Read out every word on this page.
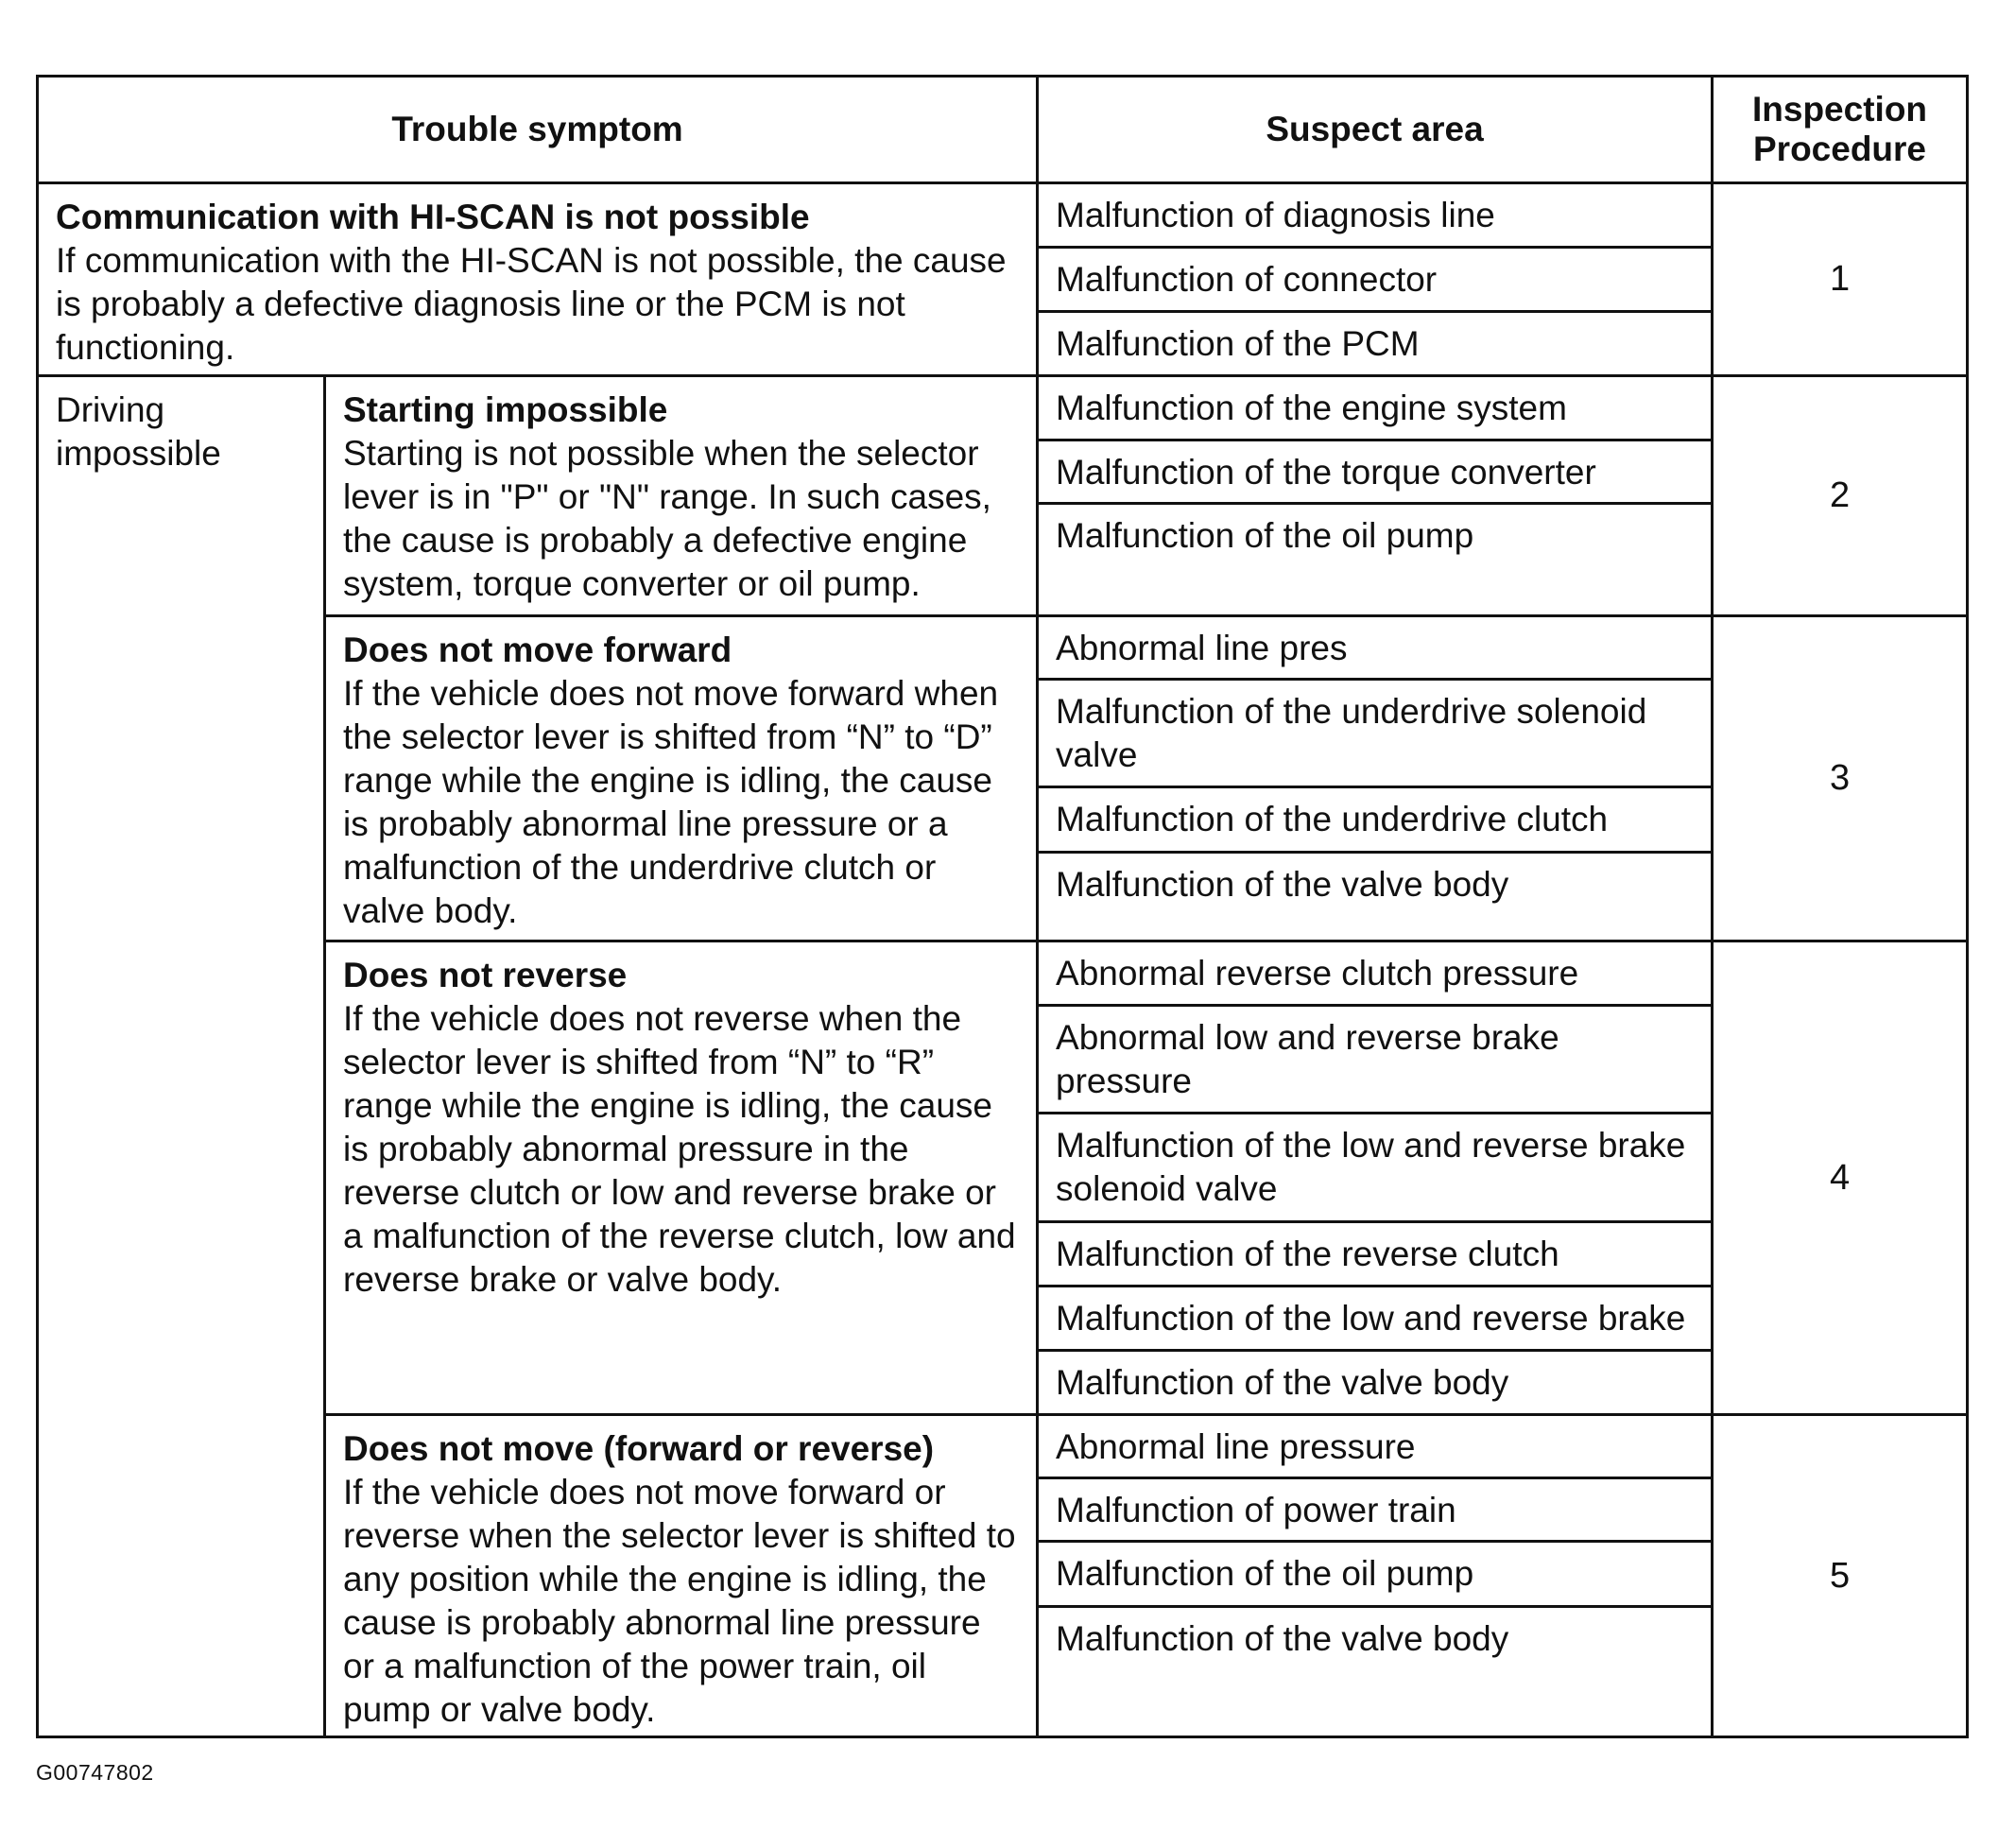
Trouble symptom		Suspect area	Inspection Procedure

Communication with HI-SCAN is not possible
If communication with the HI-SCAN is not possible, the cause is probably a defective diagnosis line or the PCM is not functioning.		Malfunction of diagnosis line	1
		Malfunction of connector	
		Malfunction of the PCM	
Driving impossible	Starting impossible
Starting is not possible when the selector lever is in "P" or "N" range. In such cases, the cause is probably a defective engine system, torque converter or oil pump.	Malfunction of the engine system	2
		Malfunction of the torque converter	
		Malfunction of the oil pump	

	Does not move forward
If the vehicle does not move forward when the selector lever is shifted from “N” to “D” range while the engine is idling, the cause is probably abnormal line pressure or a malfunction of the underdrive clutch or valve body.	Abnormal line pres	3
		Malfunction of the underdrive solenoid valve	
		Malfunction of the underdrive clutch	
		Malfunction of the valve body	

	Does not reverse
If the vehicle does not reverse when the selector lever is shifted from “N” to “R” range while the engine is idling, the cause is probably abnormal pressure in the reverse clutch or low and reverse brake or a malfunction of the reverse clutch, low and reverse brake or valve body.	Abnormal reverse clutch pressure	4
		Abnormal low and reverse brake pressure	
		Malfunction of the low and reverse brake solenoid valve	
		Malfunction of the reverse clutch	
		Malfunction of the low and reverse brake	
		Malfunction of the valve body	

	Does not move (forward or reverse)
If the vehicle does not move forward or reverse when the selector lever is shifted to any position while the engine is idling, the cause is probably abnormal line pressure or a malfunction of the power train, oil pump or valve body.	Abnormal line pressure	5
		Malfunction of power train	
		Malfunction of the oil pump	
		Malfunction of the valve body	
G00747802
